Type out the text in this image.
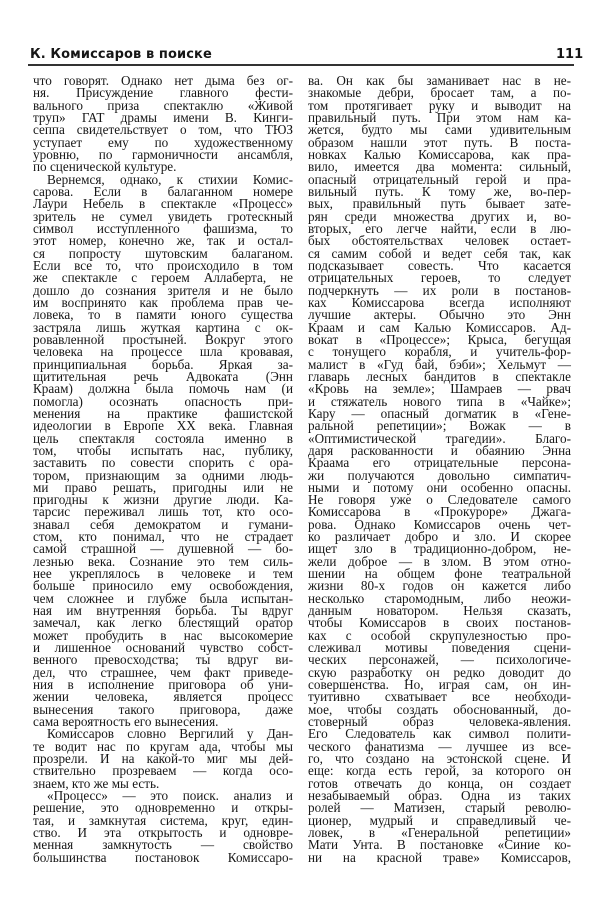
К. Комиссаров в поиске	111
что говорят. Однако нет дыма без ог-
ня. Присуждение главного фести-
вального приза спектаклю «Живой
труп» ГАТ драмы имени В. Кинги-
сеппа свидетельствует о том, что ТЮЗ
уступает ему по художественному
уровню, по гармоничности ансамбля,
по сценической культуре.
Вернемся, однако, к стихии Комис-
сарова. Если в балаганном номере
Лаури Небель в спектакле «Процесс»
зритель не сумел увидеть гротескный
символ исступленного фашизма, то
этот номер, конечно же, так и остал-
ся попросту шутовским балаганом.
Если все то, что происходило в том
же спектакле с героем Аллаберта, не
дошло до сознания зрителя и не было
им воспринято как проблема прав че-
ловека, то в памяти юного существа
застряла лишь жуткая картина с ок-
ровавленной простыней. Вокруг этого
человека на процессе шла кровавая,
принципиальная борьба. Яркая за-
щитительная речь Адвоката (Энн
Краам) должна была помочь нам (и
помогла) осознать опасность при-
менения на практике фашистской
идеологии в Европе XX века. Главная
цель спектакля состояла именно в
том, чтобы испытать нас, публику,
заставить по совести спорить с ора-
тором, признающим за одними людь-
ми право решать, пригодны или не
пригодны к жизни другие люди. Ка-
тарсис переживал лишь тот, кто осо-
знавал себя демократом и гумани-
стом, кто понимал, что не страдает
самой страшной — душевной — бо-
лезнью века. Сознание это тем силь-
нее укреплялось в человеке и тем
больше приносило ему освобождения,
чем сложнее и глубже была испытан-
ная им внутренняя борьба. Ты вдруг
замечал, как легко блестящий оратор
может пробудить в нас высокомерие
и лишенное оснований чувство собст-
венного превосходства; ты вдруг ви-
дел, что страшнее, чем факт приведе-
ния в исполнение приговора об уни-
жении человека, является процесс
вынесения такого приговора, даже
сама вероятность его вынесения.
Комиссаров словно Вергилий у Дан-
те водит нас по кругам ада, чтобы мы
прозрели. И на какой-то миг мы дей-
ствительно прозреваем — когда осо-
знаем, кто же мы есть.
«Процесс» — это поиск. анализ и
решение, это одновременно и откры-
тая, и замкнутая система, круг, един-
ство. И эта открытость и одновре-
менная замкнутость — свойство
большинства постановок Комиссаро-
ва. Он как бы заманивает нас в не-
знакомые дебри, бросает там, а по-
том протягивает руку и выводит на
правильный путь. При этом нам ка-
жется, будто мы сами удивительным
образом нашли этот путь. В поста-
новках Калью Комиссарова, как пра-
вило, имеется два момента: сильный,
опасный отрицательный герой и пра-
вильный путь. К тому же, во-пер-
вых, правильный путь бывает зате-
рян среди множества других и, во-
вторых, его легче найти, если в лю-
бых обстоятельствах человек остает-
ся самим собой и ведет себя так, как
подсказывает совесть. Что касается
отрицательных героев, то следует
подчеркнуть — их роли в постанов-
ках Комиссарова всегда исполняют
лучшие актеры. Обычно это Энн
Краам и сам Калью Комиссаров. Ад-
вокат в «Процессе»; Крыса, бегущая
с тонущего корабля, и учитель-фор-
малист в «Гуд бай, бэби»; Хельмут —
главарь лесных бандитов в спектакле
«Кровь на земле»; Шамраев — рвач
и стяжатель нового типа в «Чайке»;
Кару — опасный догматик в «Гене-
ральной репетиции»; Вожак — в
«Оптимистической трагедии». Благо-
даря раскованности и обаянию Энна
Краама его отрицательные персона-
жи получаются довольно симпатич-
ными и потому они особенно опасны.
Не говоря уже о Следователе самого
Комиссарова в «Прокуроре» Джага-
рова. Однако Комиссаров очень чет-
ко различает добро и зло. И скорее
ищет зло в традиционно-добром, не-
жели доброе — в злом. В этом отно-
шении на общем фоне театральной
жизни 80-х годов он кажется либо
несколько старомодным, либо неожи-
данным новатором. Нельзя сказать,
чтобы Комиссаров в своих постанов-
ках с особой скрупулезностью про-
слеживал мотивы поведения сцени-
ческих персонажей, — психологиче-
скую разработку он редко доводит до
совершенства. Но, играя сам, он ин-
туитивно схватывает все необходи-
мое, чтобы создать обоснованный, до-
стоверный образ человека-явления.
Его Следователь как символ полити-
ческого фанатизма — лучшее из все-
го, что создано на эстонской сцене. И
еще: когда есть герой, за которого он
готов отвечать до конца, он создает
незабываемый образ. Одна из таких
ролей — Матизен, старый револю-
ционер, мудрый и справедливый че-
ловек, в «Генеральной репетиции»
Мати Унта. В постановке «Синие ко-
ни на красной траве» Комиссаров,
